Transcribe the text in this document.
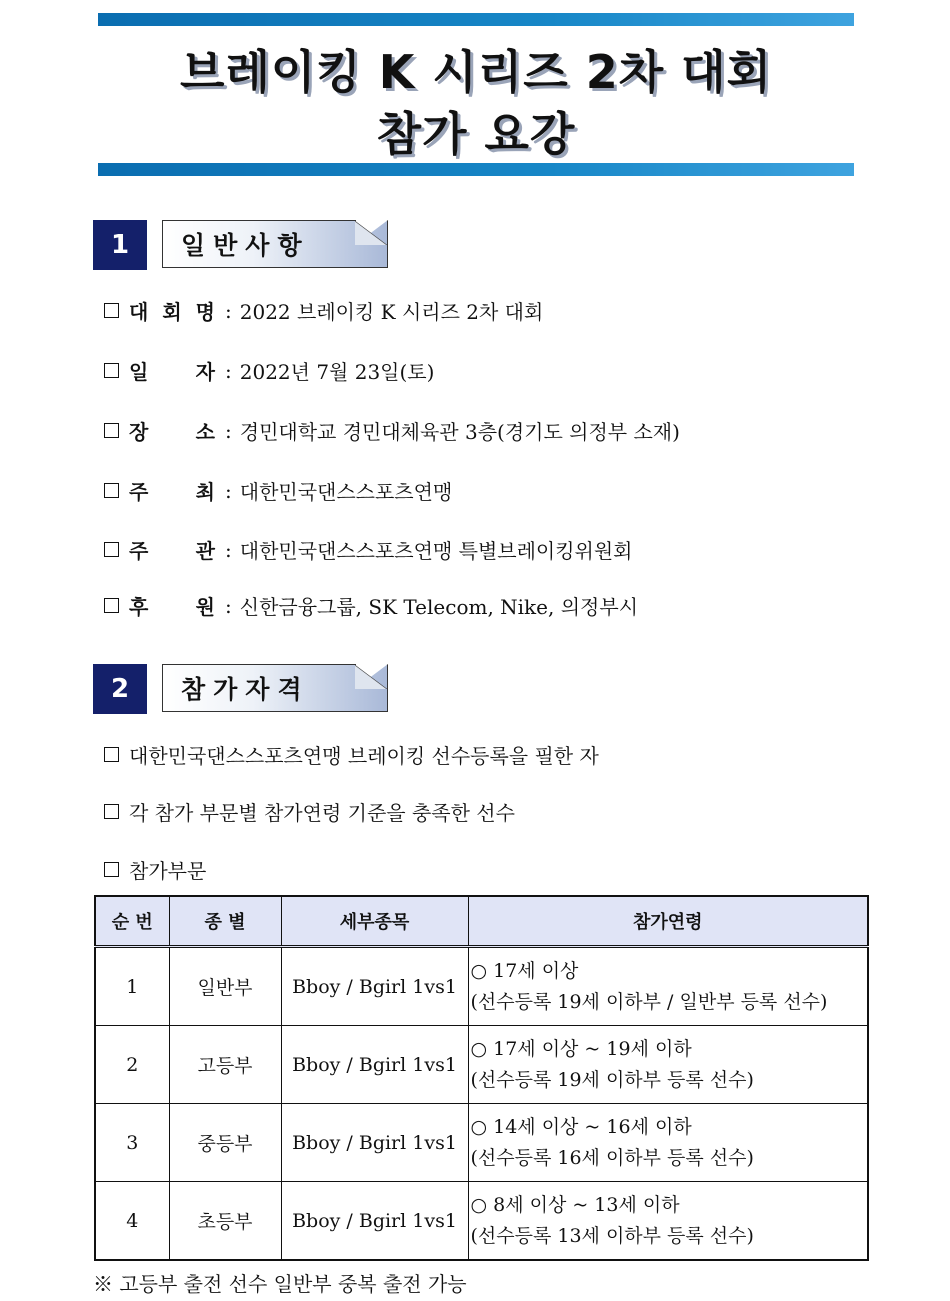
브레이킹 K 시리즈 2차 대회
참가 요강
1	일반사항
대 회 명 : 2022 브레이킹 K 시리즈 2차 대회
일 자 : 2022년 7월 23일(토)
장 소 : 경민대학교 경민대체육관 3층(경기도 의정부 소재)
주 최 : 대한민국댄스스포츠연맹
주 관 : 대한민국댄스스포츠연맹 특별브레이킹위원회
후 원 : 신한금융그룹, SK Telecom, Nike, 의정부시
2	참가자격
대한민국댄스스포츠연맹 브레이킹 선수등록을 필한 자
각 참가 부문별 참가연령 기준을 충족한 선수
참가부문
순 번	종 별	세부종목	참가연령
1	일반부	Bboy / Bgirl 1vs1	○ 17세 이상
(선수등록 19세 이하부 / 일반부 등록 선수)

2	고등부	Bboy / Bgirl 1vs1	○ 17세 이상 ~ 19세 이하
(선수등록 19세 이하부 등록 선수)

3	중등부	Bboy / Bgirl 1vs1	○ 14세 이상 ~ 16세 이하
(선수등록 16세 이하부 등록 선수)

4	초등부	Bboy / Bgirl 1vs1	○ 8세 이상 ~ 13세 이하
(선수등록 13세 이하부 등록 선수)
※ 고등부 출전 선수 일반부 중복 출전 가능
